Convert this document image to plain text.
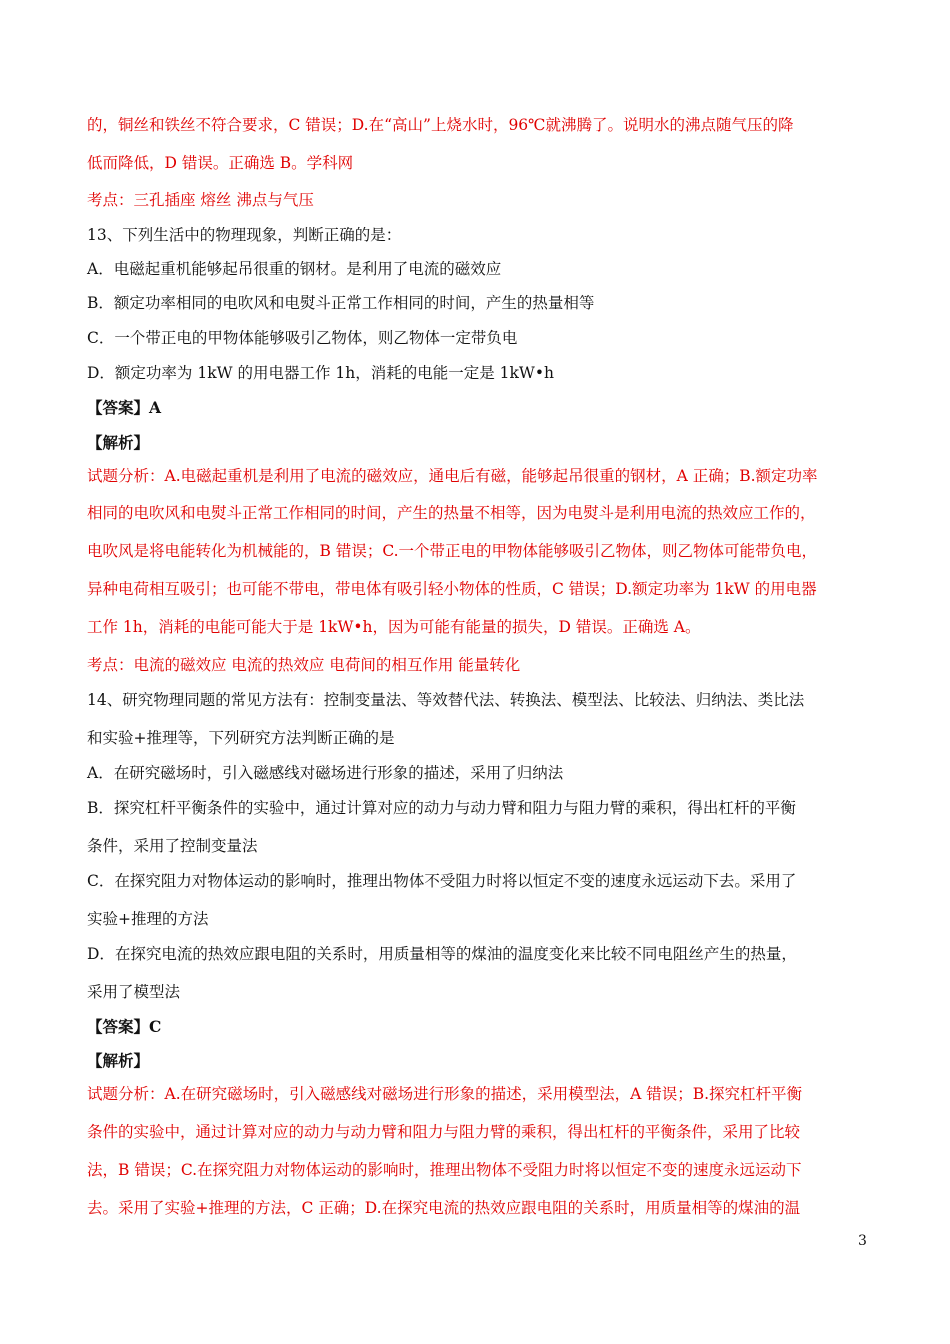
的，铜丝和铁丝不符合要求，C 错误；D.在“高山”上烧水时，96℃就沸腾了。说明水的沸点随气压的降
低而降低，D 错误。正确选 B。学科网
考点：三孔插座 熔丝 沸点与气压
13、下列生活中的物理现象，判断正确的是：
A．电磁起重机能够起吊很重的钢材。是利用了电流的磁效应
B．额定功率相同的电吹风和电熨斗正常工作相同的时间，产生的热量相等
C．一个带正电的甲物体能够吸引乙物体，则乙物体一定带负电
D．额定功率为 1kW 的用电器工作 1h，消耗的电能一定是 1kW•h
【答案】A
【解析】
试题分析：A.电磁起重机是利用了电流的磁效应，通电后有磁，能够起吊很重的钢材，A 正确；B.额定功率
相同的电吹风和电熨斗正常工作相同的时间，产生的热量不相等，因为电熨斗是利用电流的热效应工作的，
电吹风是将电能转化为机械能的，B 错误；C.一个带正电的甲物体能够吸引乙物体，则乙物体可能带负电，
异种电荷相互吸引；也可能不带电，带电体有吸引轻小物体的性质，C 错误；D.额定功率为 1kW 的用电器
工作 1h，消耗的电能可能大于是 1kW•h，因为可能有能量的损失，D 错误。正确选 A。
考点：电流的磁效应 电流的热效应 电荷间的相互作用 能量转化
14、研究物理同题的常见方法有：控制变量法、等效替代法、转换法、模型法、比较法、归纳法、类比法
和实验+推理等，下列研究方法判断正确的是
A．在研究磁场时，引入磁感线对磁场进行形象的描述，采用了归纳法
B．探究杠杆平衡条件的实验中，通过计算对应的动力与动力臂和阻力与阻力臂的乘积，得出杠杆的平衡
条件，采用了控制变量法
C．在探究阻力对物体运动的影响时，推理出物体不受阻力时将以恒定不变的速度永远运动下去。采用了
实验+推理的方法
D．在探究电流的热效应跟电阻的关系时，用质量相等的煤油的温度变化来比较不同电阻丝产生的热量，
采用了模型法
【答案】C
【解析】
试题分析：A.在研究磁场时，引入磁感线对磁场进行形象的描述，采用模型法，A 错误；B.探究杠杆平衡
条件的实验中，通过计算对应的动力与动力臂和阻力与阻力臂的乘积，得出杠杆的平衡条件，采用了比较
法，B 错误；C.在探究阻力对物体运动的影响时，推理出物体不受阻力时将以恒定不变的速度永远运动下
去。采用了实验+推理的方法，C 正确；D.在探究电流的热效应跟电阻的关系时，用质量相等的煤油的温
3
